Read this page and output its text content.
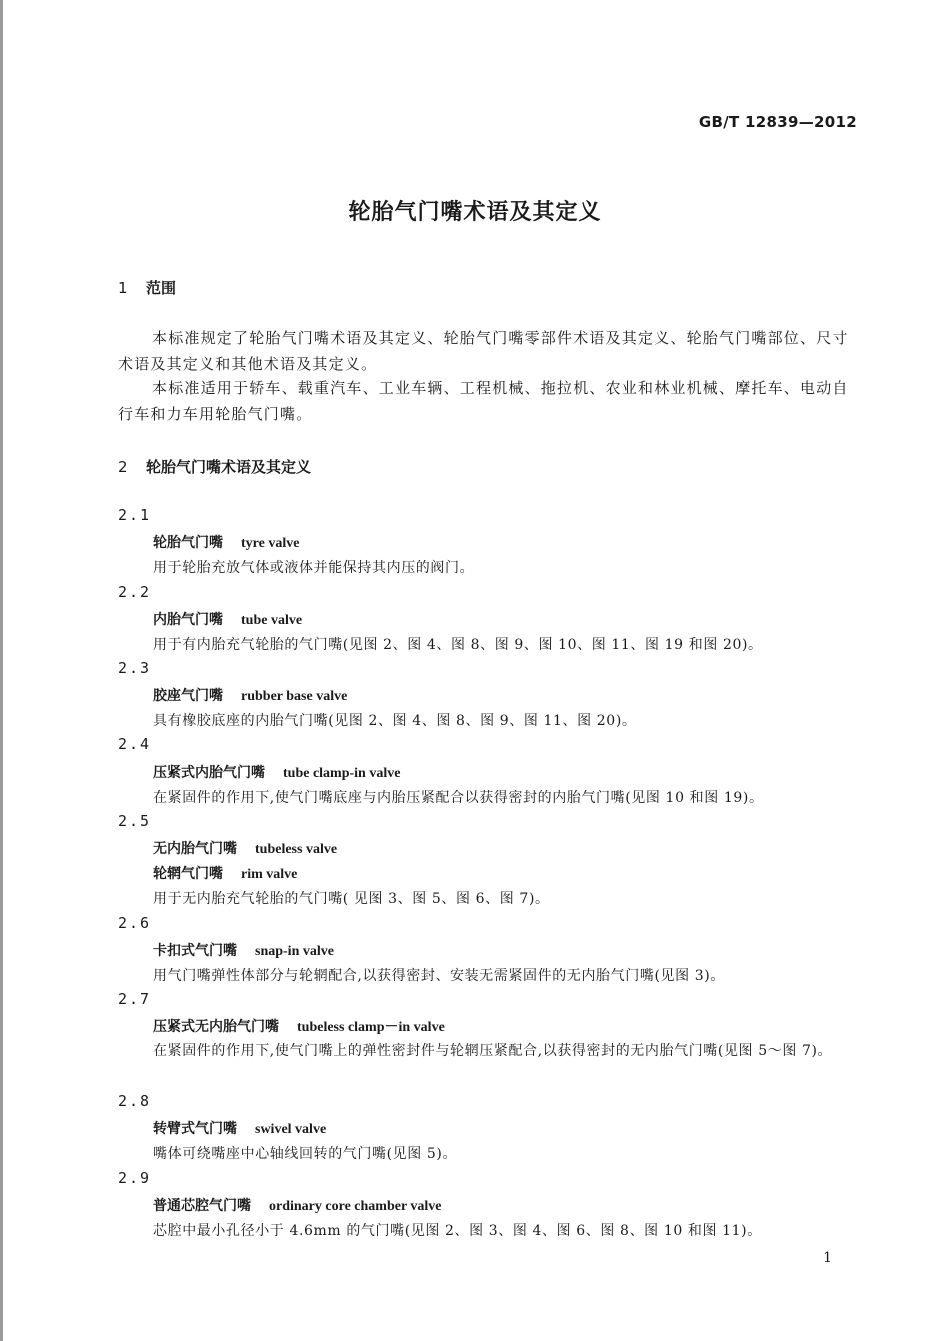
GB/T 12839—2012
轮胎气门嘴术语及其定义
1 范围

本标准规定了轮胎气门嘴术语及其定义、轮胎气门嘴零部件术语及其定义、轮胎气门嘴部位、尺寸术语及其定义和其他术语及其定义。

本标准适用于轿车、载重汽车、工业车辆、工程机械、拖拉机、农业和林业机械、摩托车、电动自行车和力车用轮胎气门嘴。

2 轮胎气门嘴术语及其定义
2.1
轮胎气门嘴 tyre valve
用于轮胎充放气体或液体并能保持其内压的阀门。
2.2
内胎气门嘴 tube valve
用于有内胎充气轮胎的气门嘴(见图 2、图 4、图 8、图 9、图 10、图 11、图 19 和图 20)。
2.3
胶座气门嘴 rubber base valve
具有橡胶底座的内胎气门嘴(见图 2、图 4、图 8、图 9、图 11、图 20)。
2.4
压紧式内胎气门嘴 tube clamp-in valve
在紧固件的作用下,使气门嘴底座与内胎压紧配合以获得密封的内胎气门嘴(见图 10 和图 19)。
2.5
无内胎气门嘴 tubeless valve
轮辋气门嘴 rim valve
用于无内胎充气轮胎的气门嘴( 见图 3、图 5、图 6、图 7)。
2.6
卡扣式气门嘴 snap-in valve
用气门嘴弹性体部分与轮辋配合,以获得密封、安装无需紧固件的无内胎气门嘴(见图 3)。
2.7
压紧式无内胎气门嘴 tubeless clamp－in valve

在紧固件的作用下,使气门嘴上的弹性密封件与轮辋压紧配合,以获得密封的无内胎气门嘴(见图 5～图 7)。

2.8
转臂式气门嘴 swivel valve
嘴体可绕嘴座中心轴线回转的气门嘴(见图 5)。
2.9
普通芯腔气门嘴 ordinary core chamber valve
芯腔中最小孔径小于 4.6mm 的气门嘴(见图 2、图 3、图 4、图 6、图 8、图 10 和图 11)。
1
